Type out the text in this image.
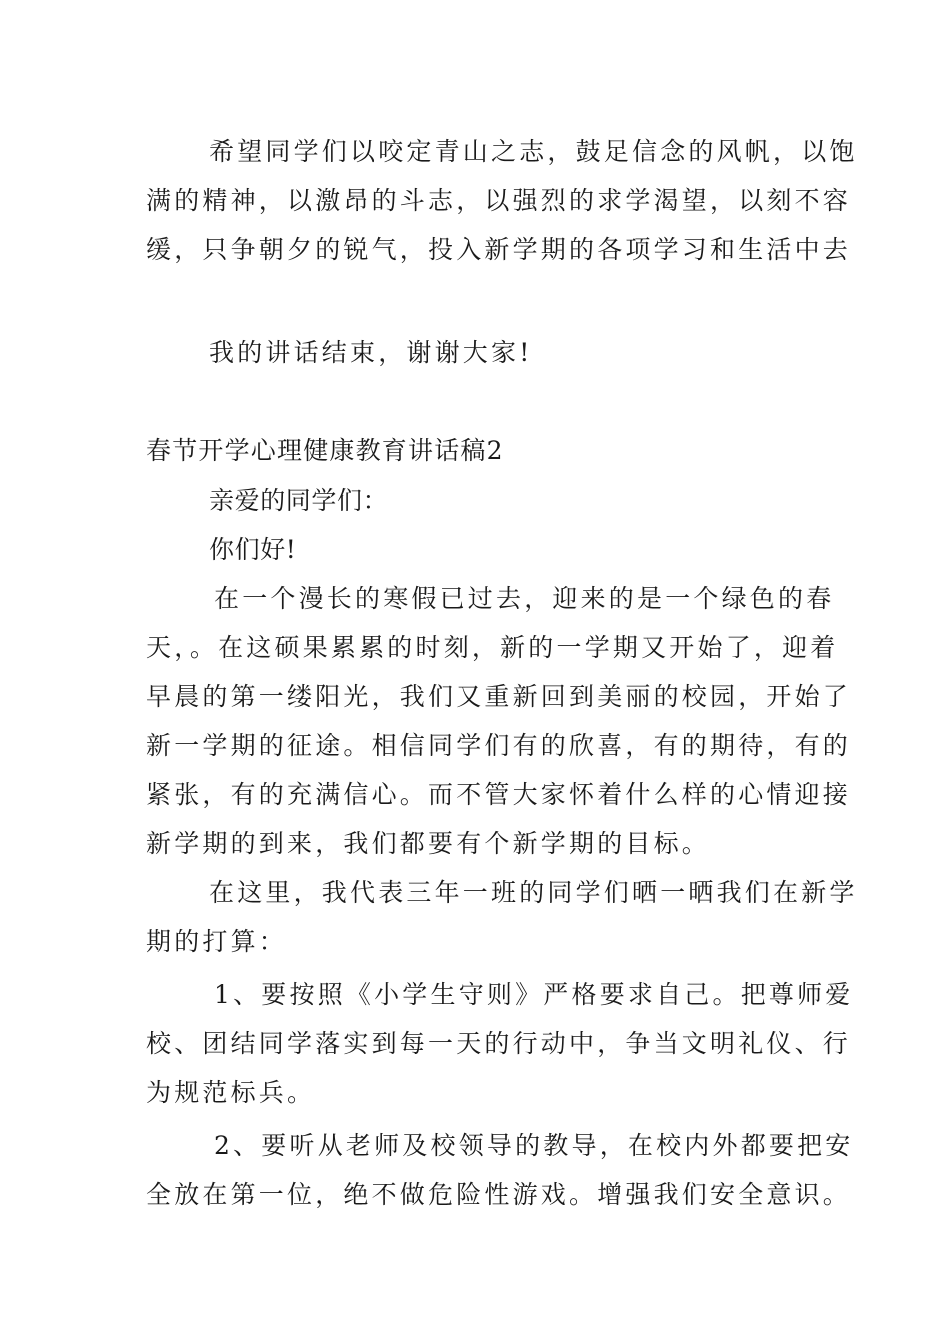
希望同学们以咬定青山之志，鼓足信念的风帆，以饱
满的精神，以激昂的斗志，以强烈的求学渴望，以刻不容
缓，只争朝夕的锐气，投入新学期的各项学习和生活中去
我的讲话结束，谢谢大家!
春节开学心理健康教育讲话稿2
亲爱的同学们：
你们好!
在一个漫长的寒假已过去，迎来的是一个绿色的春
天，。在这硕果累累的时刻，新的一学期又开始了，迎着
早晨的第一缕阳光，我们又重新回到美丽的校园，开始了
新一学期的征途。相信同学们有的欣喜，有的期待，有的
紧张，有的充满信心。而不管大家怀着什么样的心情迎接
新学期的到来，我们都要有个新学期的目标。
在这里，我代表三年一班的同学们晒一晒我们在新学
期的打算：
1、要按照《小学生守则》严格要求自己。把尊师爱
校、团结同学落实到每一天的行动中，争当文明礼仪、行
为规范标兵。
2、要听从老师及校领导的教导，在校内外都要把安
全放在第一位，绝不做危险性游戏。增强我们安全意识。
